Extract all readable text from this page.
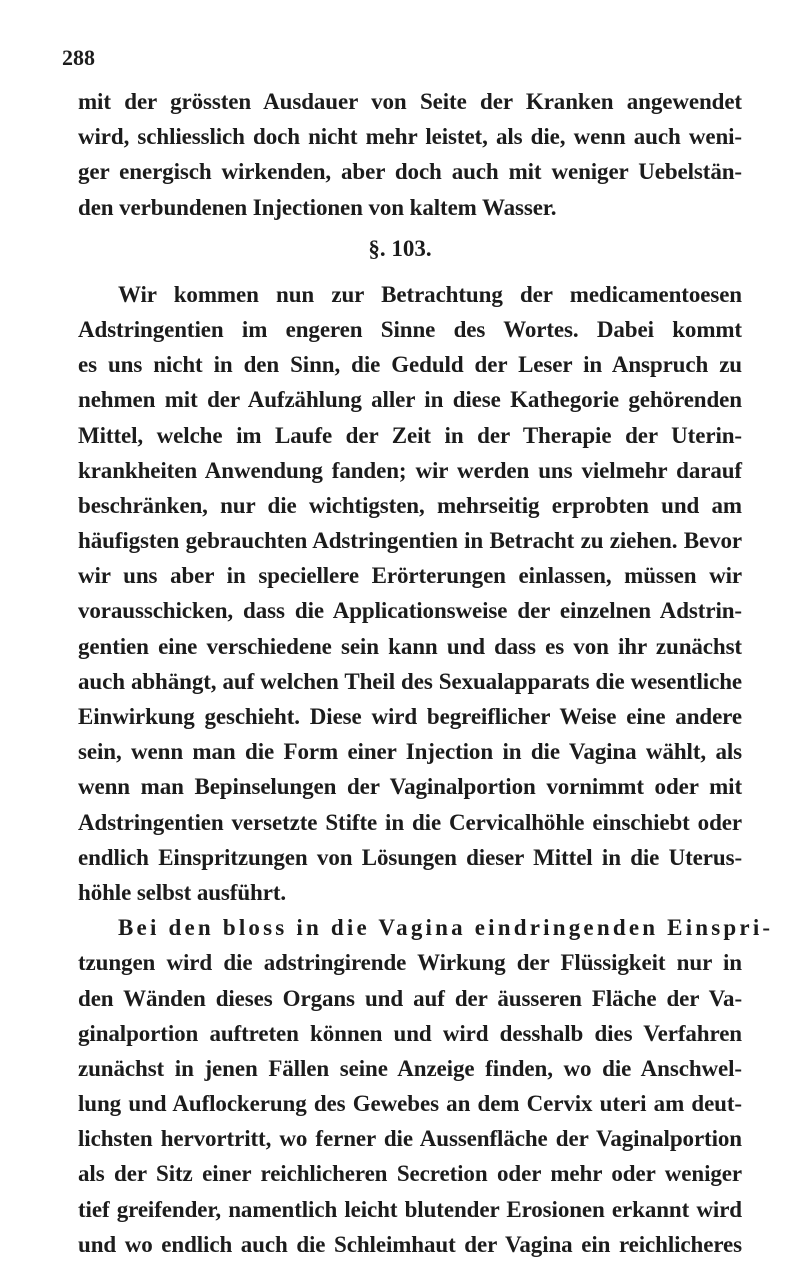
288
mit der grössten Ausdauer von Seite der Kranken angewendet
wird, schliesslich doch nicht mehr leistet, als die, wenn auch weni-
ger energisch wirkenden, aber doch auch mit weniger Uebelstän-
den verbundenen Injectionen von kaltem Wasser.
§. 103.
Wir kommen nun zur Betrachtung der medicamentoesen
Adstringentien im engeren Sinne des Wortes. Dabei kommt
es uns nicht in den Sinn, die Geduld der Leser in Anspruch zu
nehmen mit der Aufzählung aller in diese Kathegorie gehörenden
Mittel, welche im Laufe der Zeit in der Therapie der Uterin-
krankheiten Anwendung fanden; wir werden uns vielmehr darauf
beschränken, nur die wichtigsten, mehrseitig erprobten und am
häufigsten gebrauchten Adstringentien in Betracht zu ziehen. Bevor
wir uns aber in speciellere Erörterungen einlassen, müssen wir
vorausschicken, dass die Applicationsweise der einzelnen Adstrin-
gentien eine verschiedene sein kann und dass es von ihr zunächst
auch abhängt, auf welchen Theil des Sexualapparats die wesentliche
Einwirkung geschieht. Diese wird begreiflicher Weise eine andere
sein, wenn man die Form einer Injection in die Vagina wählt, als
wenn man Bepinselungen der Vaginalportion vornimmt oder mit
Adstringentien versetzte Stifte in die Cervicalhöhle einschiebt oder
endlich Einspritzungen von Lösungen dieser Mittel in die Uterus-
höhle selbst ausführt.
Bei den bloss in die Vagina eindringenden Einspri-
tzungen wird die adstringirende Wirkung der Flüssigkeit nur in
den Wänden dieses Organs und auf der äusseren Fläche der Va-
ginalportion auftreten können und wird desshalb dies Verfahren
zunächst in jenen Fällen seine Anzeige finden, wo die Anschwel-
lung und Auflockerung des Gewebes an dem Cervix uteri am deut-
lichsten hervortritt, wo ferner die Aussenfläche der Vaginalportion
als der Sitz einer reichlicheren Secretion oder mehr oder weniger
tief greifender, namentlich leicht blutender Erosionen erkannt wird
und wo endlich auch die Schleimhaut der Vagina ein reichlicheres
